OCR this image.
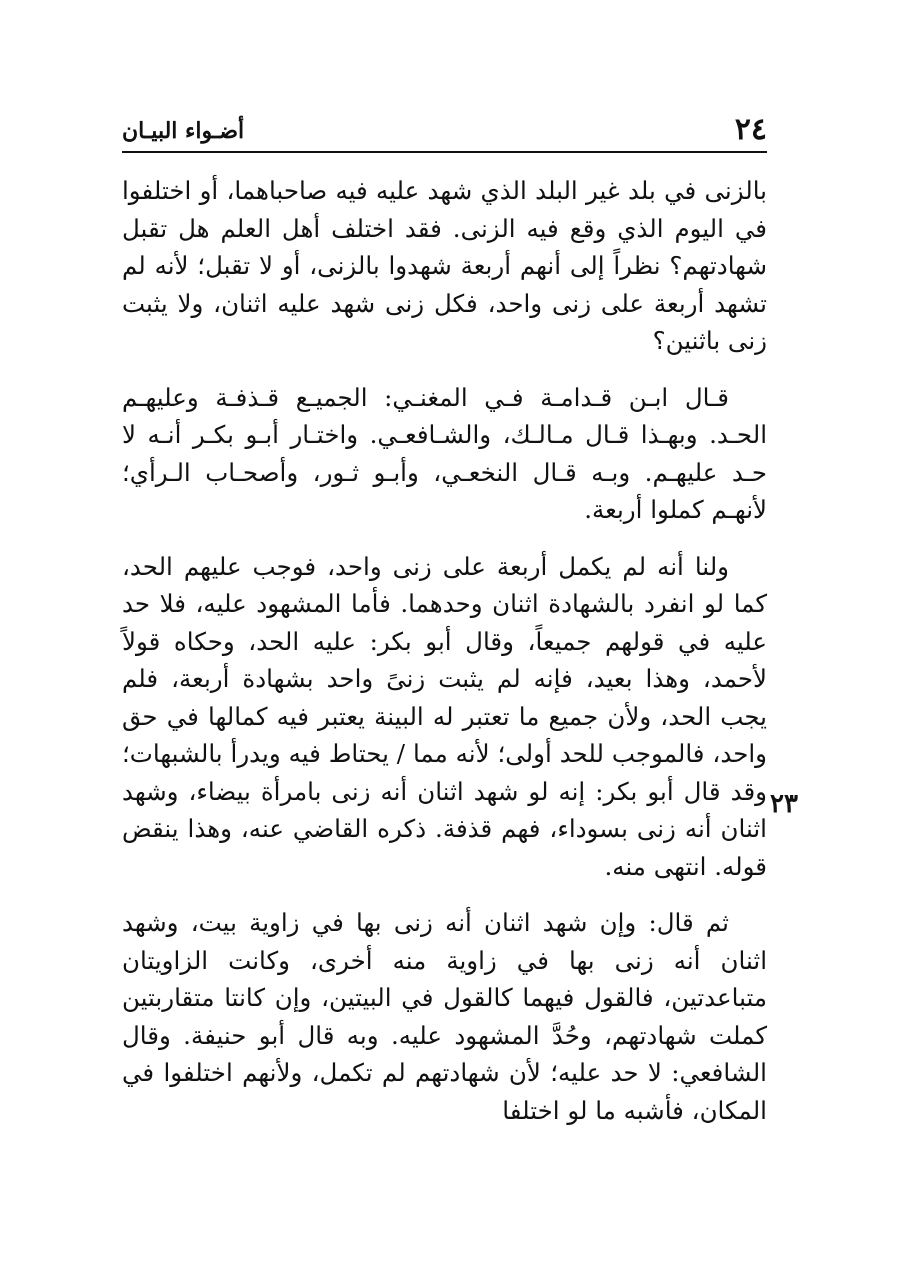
٢٤
أضـواء البيـان

بالزنى في بلد غير البلد الذي شهد عليه فيه صاحباهما، أو اختلفوا في اليوم الذي وقع فيه الزنى. فقد اختلف أهل العلم هل تقبل شهادتهم؟ نظراً إلى أنهم أربعة شهدوا بالزنى، أو لا تقبل؛ لأنه لم تشهد أربعة على زنى واحد، فكل زنى شهد عليه اثنان، ولا يثبت زنى باثنين؟

قـال ابـن قـدامـة فـي المغنـي: الجميـع قـذفـة وعليهـم الحـد. وبهـذا قـال مـالـك، والشـافعـي. واختـار أبـو بكـر أنـه لا حـد عليهـم. وبـه قـال النخعـي، وأبـو ثـور، وأصحـاب الـرأي؛ لأنهـم كملوا أربعة.

ولنا أنه لم يكمل أربعة على زنى واحد، فوجب عليهم الحد، كما لو انفرد بالشهادة اثنان وحدهما. فأما المشهود عليه، فلا حد عليه في قولهم جميعاً، وقال أبو بكر: عليه الحد، وحكاه قولاً لأحمد، وهذا بعيد، فإنه لم يثبت زنىً واحد بشهادة أربعة، فلم يجب الحد، ولأن جميع ما تعتبر له البينة يعتبر فيه كمالها في حق واحد، فالموجب للحد أولى؛ لأنه مما / يحتاط فيه ويدرأ بالشبهات؛ وقد قال أبو بكر: إنه لو شهد اثنان أنه زنى بامرأة بيضاء، وشهد اثنان أنه زنى بسوداء، فهم قذفة. ذكره القاضي عنه، وهذا ينقض قوله. انتهى منه.

ثم قال: وإن شهد اثنان أنه زنى بها في زاوية بيت، وشهد اثنان أنه زنى بها في زاوية منه أخرى، وكانت الزاويتان متباعدتين، فالقول فيهما كالقول في البيتين، وإن كانتا متقاربتين كملت شهادتهم، وحُدَّ المشهود عليه. وبه قال أبو حنيفة. وقال الشافعي: لا حد عليه؛ لأن شهادتهم لم تكمل، ولأنهم اختلفوا في المكان، فأشبه ما لو اختلفا

٢٣
